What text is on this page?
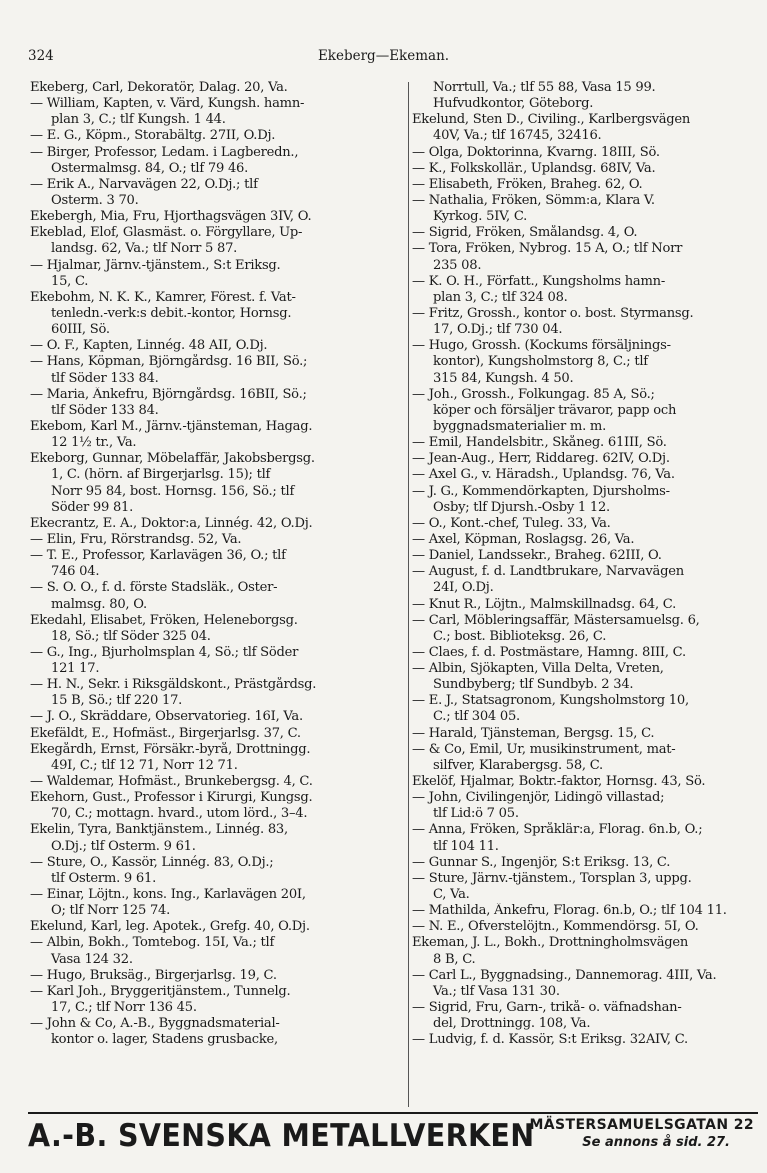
324	Ekeberg—Ekeman.
Ekeberg, Carl, Dekoratör, Dalag. 20, Va.
— William, Kapten, v. Värd, Kungsh. hamn-
plan 3, C.; tlf Kungsh. 1 44.
— E. G., Köpm., Storabältg. 27II, Ö.Dj.
— Birger, Professor, Ledam. i Lagberedn.,
Östermalmsg. 84, Ö.; tlf 79 46.
— Erik A., Narvavägen 22, Ö.Dj.; tlf
Österm. 3 70.
Ekebergh, Mia, Fru, Hjorthagsvägen 3IV, Ö.
Ekeblad, Elof, Glasmäst. o. Förgyllare, Up-
landsg. 62, Va.; tlf Norr 5 87.
— Hjalmar, Järnv.-tjänstem., S:t Eriksg.
15, C.
Ekebohm, N. K. K., Kamrer, Förest. f. Vat-
tenledn.-verk:s debit.-kontor, Hornsg.
60III, Sö.
— O. F., Kapten, Linnég. 48 AII, Ö.Dj.
— Hans, Köpman, Björngårdsg. 16 BII, Sö.;
tlf Söder 133 84.
— Maria, Änkefru, Björngårdsg. 16BII, Sö.;
tlf Söder 133 84.
Ekebom, Karl M., Järnv.-tjänsteman, Hagag.
12 1½ tr., Va.
Ekeborg, Gunnar, Möbelaffär, Jakobsbergsg.
1, C. (hörn. af Birgerjarlsg. 15); tlf
Norr 95 84, bost. Hornsg. 156, Sö.; tlf
Söder 99 81.
Ekecrantz, E. A., Doktor:a, Linnég. 42, Ö.Dj.
— Elin, Fru, Rörstrandsg. 52, Va.
— T. E., Professor, Karlavägen 36, Ö.; tlf
746 04.
— S. O. O., f. d. förste Stadsläk., Öster-
malmsg. 80, Ö.
Ekedahl, Elisabet, Fröken, Heleneborgsg.
18, Sö.; tlf Söder 325 04.
— G., Ing., Bjurholmsplan 4, Sö.; tlf Söder
121 17.
— H. N., Sekr. i Riksgäldskont., Prästgårdsg.
15 B, Sö.; tlf 220 17.
— J. O., Skräddare, Observatorieg. 16I, Va.
Ekefäldt, E., Hofmäst., Birgerjarlsg. 37, C.
Ekegårdh, Ernst, Försäkr.-byrå, Drottningg.
49I, C.; tlf 12 71, Norr 12 71.
— Waldemar, Hofmäst., Brunkebergsg. 4, C.
Ekehorn, Gust., Professor i Kirurgi, Kungsg.
70, C.; mottagn. hvard., utom lörd., 3–4.
Ekelin, Tyra, Banktjänstem., Linnég. 83,
Ö.Dj.; tlf Österm. 9 61.
— Sture, O., Kassör, Linnég. 83, Ö.Dj.;
tlf Österm. 9 61.
— Einar, Löjtn., kons. Ing., Karlavägen 20I,
Ö; tlf Norr 125 74.
Ekelund, Karl, leg. Apotek., Grefg. 40, Ö.Dj.
— Albin, Bokh., Tomtebog. 15I, Va.; tlf
Vasa 124 32.
— Hugo, Bruksäg., Birgerjarlsg. 19, C.
— Karl Joh., Bryggeritjänstem., Tunnelg.
17, C.; tlf Norr 136 45.
— John & Co, A.-B., Byggnadsmaterial-
kontor o. lager, Stadens grusbacke,
Norrtull, Va.; tlf 55 88, Vasa 15 99.
Hufvudkontor, Göteborg.
Ekelund, Sten D., Civiling., Karlbergsvägen
40V, Va.; tlf 16745, 32416.
— Olga, Doktorinna, Kvarng. 18III, Sö.
— K., Folkskollär., Uplandsg. 68IV, Va.
— Elisabeth, Fröken, Braheg. 62, Ö.
— Nathalia, Fröken, Sömm:a, Klara V.
Kyrkog. 5IV, C.
— Sigrid, Fröken, Smålandsg. 4, Ö.
— Tora, Fröken, Nybrog. 15 A, Ö.; tlf Norr
235 08.
— K. O. H., Författ., Kungsholms hamn-
plan 3, C.; tlf 324 08.
— Fritz, Grossh., kontor o. bost. Styrmansg.
17, Ö.Dj.; tlf 730 04.
— Hugo, Grossh. (Kockums försäljnings-
kontor), Kungsholmstorg 8, C.; tlf
315 84, Kungsh. 4 50.
— Joh., Grossh., Folkungag. 85 A, Sö.;
köper och försäljer trävaror, papp och
byggnadsmaterialier m. m.
— Emil, Handelsbitr., Skåneg. 61III, Sö.
— Jean-Aug., Herr, Riddareg. 62IV, Ö.Dj.
— Axel G., v. Häradsh., Uplandsg. 76, Va.
— J. G., Kommendörkapten, Djursholms-
Ösby; tlf Djursh.-Ösby 1 12.
— O., Kont.-chef, Tuleg. 33, Va.
— Axel, Köpman, Roslagsg. 26, Va.
— Daniel, Landssekr., Braheg. 62III, Ö.
— August, f. d. Landtbrukare, Narvavägen
24I, Ö.Dj.
— Knut R., Löjtn., Malmskillnadsg. 64, C.
— Carl, Möbleringsaffär, Mästersamuelsg. 6,
C.; bost. Biblioteksg. 26, C.
— Claes, f. d. Postmästare, Hamng. 8III, C.
— Albin, Sjökapten, Villa Delta, Vreten,
Sundbyberg; tlf Sundbyb. 2 34.
— E. J., Statsagronom, Kungsholmstorg 10,
C.; tlf 304 05.
— Harald, Tjänsteman, Bergsg. 15, C.
— & Co, Emil, Ur, musikinstrument, mat-
silfver, Klarabergsg. 58, C.
Ekelöf, Hjalmar, Boktr.-faktor, Hornsg. 43, Sö.
— John, Civilingenjör, Lidingö villastad;
tlf Lid:ö 7 05.
— Anna, Fröken, Språklär:a, Florag. 6n.b, Ö.;
tlf 104 11.
— Gunnar S., Ingenjör, S:t Eriksg. 13, C.
— Sture, Järnv.-tjänstem., Torsplan 3, uppg.
C, Va.
— Mathilda, Änkefru, Florag. 6n.b, Ö.; tlf 104 11.
— N. E., Öfverstelöjtn., Kommendörsg. 5I, Ö.
Ekeman, J. L., Bokh., Drottningholmsvägen
8 B, C.
— Carl L., Byggnadsing., Dannemorag. 4III, Va.
Va.; tlf Vasa 131 30.
— Sigrid, Fru, Garn-, trikå- o. väfnadshan-
del, Drottningg. 108, Va.
— Ludvig, f. d. Kassör, S:t Eriksg. 32AIV, C.
A.-B. SVENSKA METALLVERKEN
MÄSTERSAMUELSGATAN 22
Se annons å sid. 27.
